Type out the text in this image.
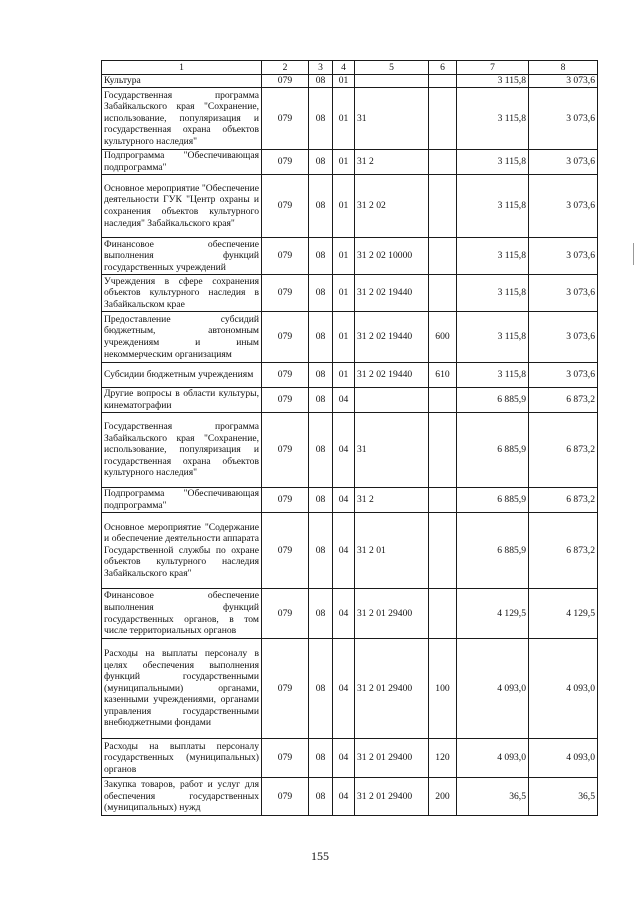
1	2	3	4	5	6	7	8
Культура	079	08	01			3 115,8	3 073,6
Государственная программа Забайкальского края "Сохранение, использование, популяризация и государственная охрана объектов культурного наследия"	079	08	01	31		3 115,8	3 073,6
Подпрограмма "Обеспечивающая подпрограмма"	079	08	01	31 2		3 115,8	3 073,6
Основное мероприятие "Обеспечение деятельности ГУК "Центр охраны и сохранения объектов культурного наследия" Забайкальского края"	079	08	01	31 2 02		3 115,8	3 073,6
Финансовое обеспечение выполнения функций государственных учреждений	079	08	01	31 2 02 10000		3 115,8	3 073,6
Учреждения в сфере сохранения объектов культурного наследия в Забайкальском крае	079	08	01	31 2 02 19440		3 115,8	3 073,6
Предоставление субсидий бюджетным, автономным учреждениям и иным некоммерческим организациям	079	08	01	31 2 02 19440	600	3 115,8	3 073,6
Субсидии бюджетным учреждениям	079	08	01	31 2 02 19440	610	3 115,8	3 073,6
Другие вопросы в области культуры, кинематографии	079	08	04			6 885,9	6 873,2
Государственная программа Забайкальского края "Сохранение, использование, популяризация и государственная охрана объектов культурного наследия"	079	08	04	31		6 885,9	6 873,2
Подпрограмма "Обеспечивающая подпрограмма"	079	08	04	31 2		6 885,9	6 873,2
Основное мероприятие "Содержание и обеспечение деятельности аппарата Государственной службы по охране объектов культурного наследия Забайкальского края"	079	08	04	31 2 01		6 885,9	6 873,2
Финансовое обеспечение выполнения функций государственных органов, в том числе территориальных органов	079	08	04	31 2 01 29400		4 129,5	4 129,5
Расходы на выплаты персоналу в целях обеспечения выполнения функций государственными (муниципальными) органами, казенными учреждениями, органами управления государственными внебюджетными фондами	079	08	04	31 2 01 29400	100	4 093,0	4 093,0
Расходы на выплаты персоналу государственных (муниципальных) органов	079	08	04	31 2 01 29400	120	4 093,0	4 093,0
Закупка товаров, работ и услуг для обеспечения государственных (муниципальных) нужд	079	08	04	31 2 01 29400	200	36,5	36,5
155
